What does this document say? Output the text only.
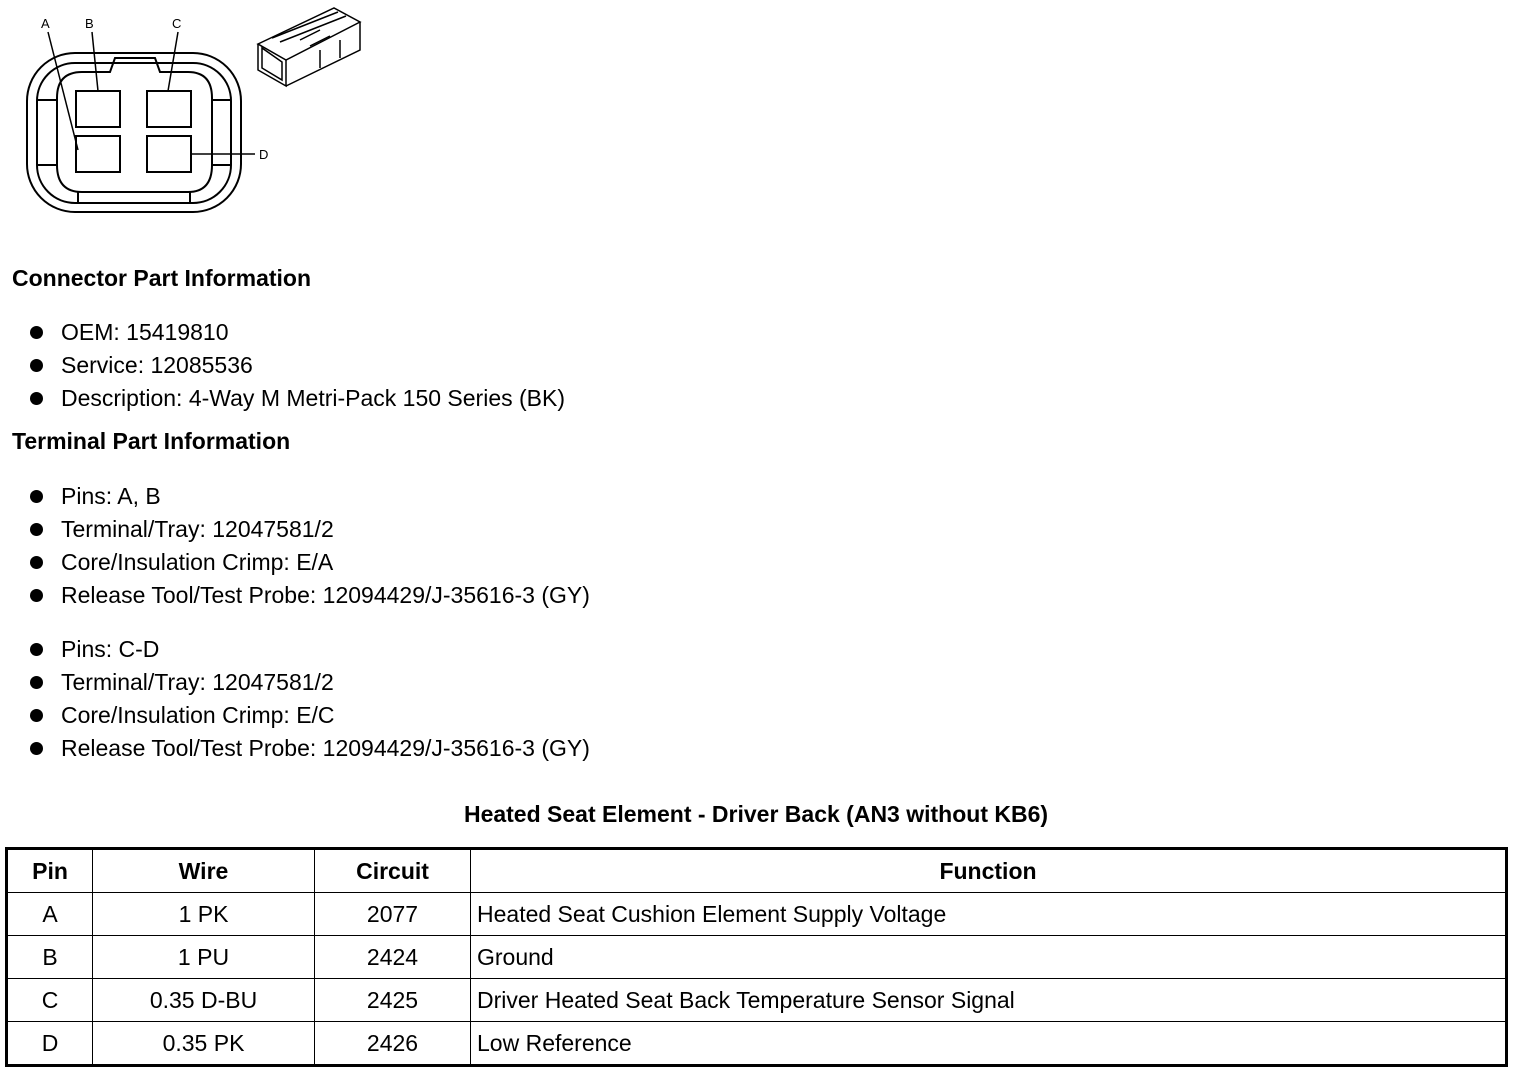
A	B	C
D
Connector Part Information
OEM: 15419810
Service: 12085536
Description: 4-Way M Metri-Pack 150 Series (BK)
Terminal Part Information
Pins: A, B
Terminal/Tray: 12047581/2
Core/Insulation Crimp: E/A
Release Tool/Test Probe: 12094429/J-35616-3 (GY)
Pins: C-D
Terminal/Tray: 12047581/2
Core/Insulation Crimp: E/C
Release Tool/Test Probe: 12094429/J-35616-3 (GY)
Heated Seat Element - Driver Back (AN3 without KB6)
Pin	Wire	Circuit	Function
A	1 PK	2077	Heated Seat Cushion Element Supply Voltage
B	1 PU	2424	Ground
C	0.35 D-BU	2425	Driver Heated Seat Back Temperature Sensor Signal
D	0.35 PK	2426	Low Reference
